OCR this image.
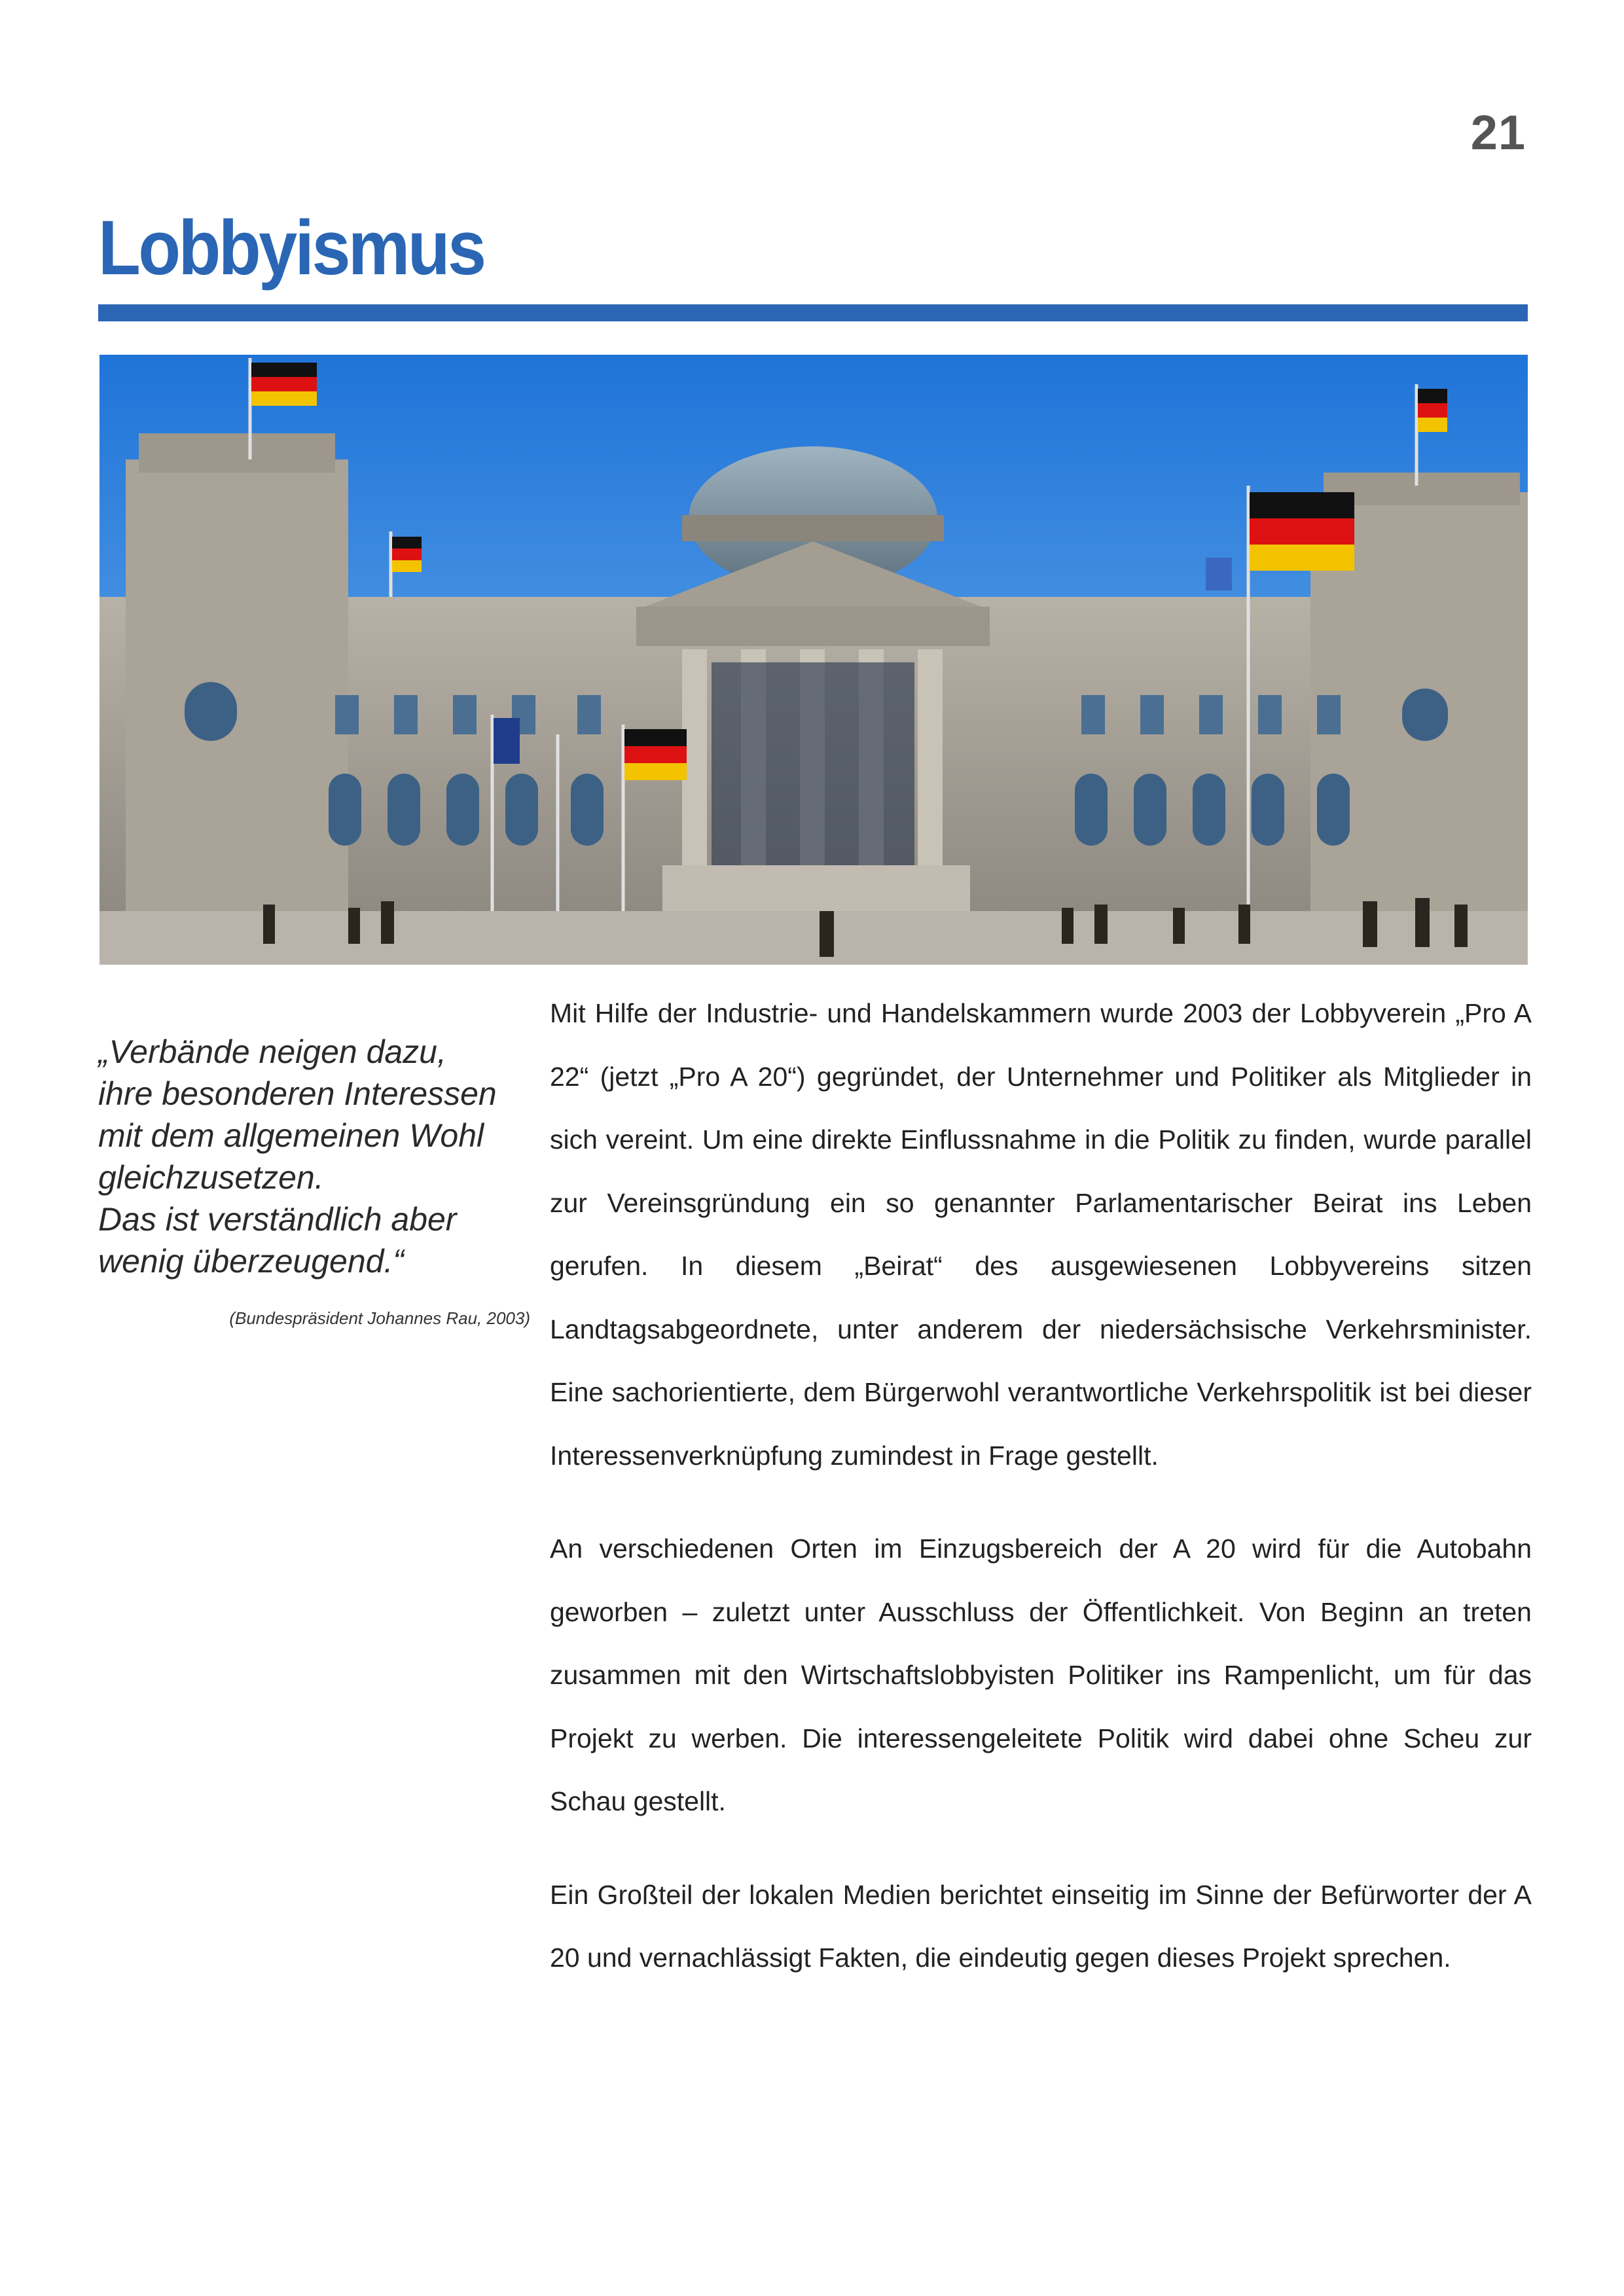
21
Lobbyismus

„Verbände neigen dazu,
ihre besonderen Interessen
mit dem allgemeinen Wohl
gleichzusetzen.
Das ist verständlich aber
wenig überzeugend.“

(Bundespräsident Johannes Rau, 2003)

Mit Hilfe der Industrie- und Handelskammern wurde 2003 der Lobbyverein „Pro A 22“ (jetzt „Pro A 20“) gegründet, der Unternehmer und Politiker als Mitglieder in sich vereint. Um eine direkte Einflussnahme in die Politik zu finden, wurde parallel zur Vereinsgründung ein so genannter Parlamentarischer Beirat ins Leben gerufen. In diesem „Beirat“ des ausgewiesenen Lobbyvereins sitzen Landtagsabgeordnete, unter anderem der niedersächsische Verkehrsminister. Eine sachorientierte, dem Bürgerwohl verantwortliche Verkehrspolitik ist bei dieser Interessenverknüpfung zumindest in Frage gestellt.

An verschiedenen Orten im Einzugsbereich der A 20 wird für die Autobahn geworben – zuletzt unter Ausschluss der Öffentlichkeit. Von Beginn an treten zusammen mit den Wirtschaftslobbyisten Politiker ins Rampenlicht, um für das Projekt zu werben. Die interessengeleitete Politik wird dabei ohne Scheu zur Schau gestellt.

Ein Großteil der lokalen Medien berichtet einseitig im Sinne der Befürworter der A 20 und vernachlässigt Fakten, die eindeutig gegen dieses Projekt sprechen.
